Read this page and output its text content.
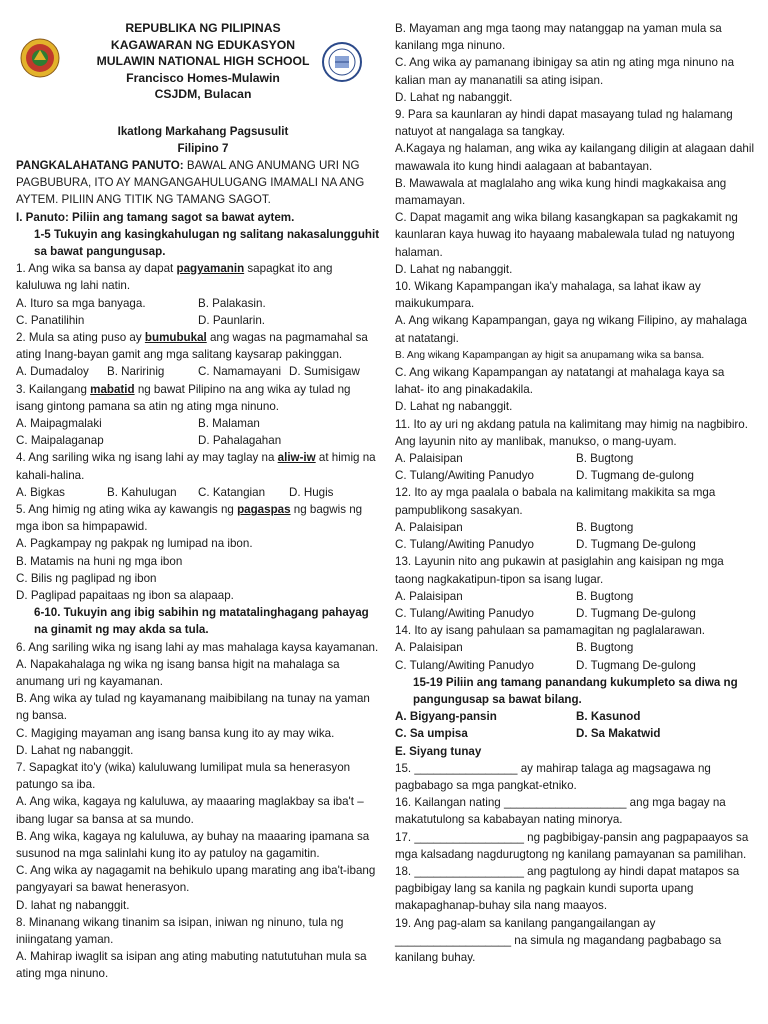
REPUBLIKA NG PILIPINAS
KAGAWARAN NG EDUKASYON
MULAWIN NATIONAL HIGH SCHOOL
Francisco Homes-Mulawin
CSJDM, Bulacan
Ikatlong Markahang Pagsusulit
Filipino 7

PANGKALAHATANG PANUTO: BAWAL ANG ANUMANG URI NG PAGBUBURA, ITO AY MANGANGAHULUGANG IMAMALI NA ANG AYTEM. PILIIN ANG TITIK NG TAMANG SAGOT.

I. Panuto: Piliin ang tamang sagot sa bawat aytem.

1-5 Tukuyin ang kasingkahulugan ng salitang nakasalungguhit sa bawat pangungusap.

1. Ang wika sa bansa ay dapat pagyamanin sapagkat ito ang kaluluwa ng lahi natin.

A. Ituro sa mga banyaga.	B. Palakasin.
C. Panatilihin	D. Paunlarin.

2. Mula sa ating puso ay bumubukal ang wagas na pagmamahal sa ating Inang-bayan gamit ang mga salitang kaysarap pakinggan.

A. Dumadaloy	B. Naririnig	C. Namamayani D. Sumisigaw

3. Kailangang mabatid ng bawat Pilipino na ang wika ay tulad ng isang gintong pamana sa atin ng ating mga ninuno.

A. Maipagmalaki	B. Malaman
C. Maipalaganap	D. Pahalagahan

4. Ang sariling wika ng isang lahi ay may taglay na aliw-iw at himig na kahali-halina.

A. Bigkas	B. Kahulugan	C. Katangian	D. Hugis

5. Ang himig ng ating wika ay kawangis ng pagaspas ng bagwis ng mga ibon sa himpapawid.

A. Pagkampay ng pakpak ng lumipad na ibon.

B. Matamis na huni ng mga ibon

C. Bilis ng paglipad ng ibon

D. Paglipad papaitaas ng ibon sa alapaap.

6-10. Tukuyin ang ibig sabihin ng matatalinghagang pahayag na ginamit ng may akda sa tula.

6. Ang sariling wika ng isang lahi ay mas mahalaga kaysa kayamanan.

A. Napakahalaga ng wika ng isang bansa higit na mahalaga sa anumang uri ng kayamanan.

B. Ang wika ay tulad ng kayamanang maibibilang na tunay na yaman ng bansa.

C. Magiging mayaman ang isang bansa kung ito ay may wika.

D. Lahat ng nabanggit.

7. Sapagkat ito'y (wika) kaluluwang lumilipat mula sa henerasyon patungo sa iba.

A. Ang wika, kagaya ng kaluluwa, ay maaaring maglakbay sa iba't – ibang lugar sa bansa at sa mundo.

B. Ang wika, kagaya ng kaluluwa, ay buhay na maaaring ipamana sa susunod na mga salinlahi kung ito ay patuloy na gagamitin.

C. Ang wika ay nagagamit na behikulo upang marating ang iba't-ibang pangyayari sa bawat henerasyon.

D. lahat ng nabanggit.

8. Minanang wikang tinanim sa isipan, iniwan ng ninuno, tula ng iniingatang yaman.

A. Mahirap iwaglit sa isipan ang ating mabuting natututuhan mula sa ating mga ninuno.

B. Mayaman ang mga taong may natanggap na yaman mula sa kanilang mga ninuno.

C. Ang wika ay pamanang ibinigay sa atin ng ating mga ninuno na kalian man ay mananatili sa ating isipan.

D. Lahat ng nabanggit.

9. Para sa kaunlaran ay hindi dapat masayang tulad ng halamang natuyot at nangalaga sa tangkay.

A.Kagaya ng halaman, ang wika ay kailangang diligin at alagaan dahil mawawala ito kung hindi aalagaan at babantayan.

B. Mawawala at maglalaho ang wika kung hindi magkakaisa ang mamamayan.

C. Dapat magamit ang wika bilang kasangkapan sa pagkakamit ng kaunlaran kaya huwag ito hayaang mabalewala tulad ng natuyong halaman.

D. Lahat ng nabanggit.

10. Wikang Kapampangan ika'y mahalaga, sa lahat ikaw ay maikukumpara.

A. Ang wikang Kapampangan, gaya ng wikang Filipino, ay mahalaga at natatangi.

B. Ang wikang Kapampangan ay higit sa anupamang wika sa bansa.

C. Ang wikang Kapampangan ay natatangi at mahalaga kaya sa lahat- ito ang pinakadakila.

D. Lahat ng nabanggit.

11. Ito ay uri ng akdang patula na kalimitang may himig na nagbibiro. Ang layunin nito ay manlibak, manukso, o mang-uyam.

A. Palaisipan	B. Bugtong
C. Tulang/Awiting Panudyo	D. Tugmang de-gulong

12. Ito ay mga paalala o babala na kalimitang makikita sa mga pampublikong sasakyan.

A. Palaisipan	B. Bugtong
C. Tulang/Awiting Panudyo	D. Tugmang De-gulong

13. Layunin nito ang pukawin at pasiglahin ang kaisipan ng mga taong nagkakatipun-tipon sa isang lugar.

A. Palaisipan	B. Bugtong
C. Tulang/Awiting Panudyo	D. Tugmang De-gulong

14. Ito ay isang pahulaan sa pamamagitan ng paglalarawan.

A. Palaisipan	B. Bugtong
C. Tulang/Awiting Panudyo	D. Tugmang De-gulong

15-19 Piliin ang tamang panandang kukumpleto sa diwa ng pangungusap sa bawat bilang.

A. Bigyang-pansin	B. Kasunod
C. Sa umpisa	D. Sa Makatwid
E. Siyang tunay

15. ________________ ay mahirap talaga ag magsagawa ng pagbabago sa mga pangkat-etniko.

16. Kailangan nating ___________________ ang mga bagay na makatutulong sa kababayan nating minorya.

17. _________________ ng pagbibigay-pansin ang pagpapaayos sa mga kalsadang nagdurugtong ng kanilang pamayanan sa pamilihan.

18. _________________ ang pagtulong ay hindi dapat matapos sa pagbibigay lang sa kanila ng pagkain kundi suporta upang makapaghanap-buhay sila nang maayos.

19. Ang pag-alam sa kanilang pangangailangan ay __________________ na simula ng magandang pagbabago sa kanilang buhay.
